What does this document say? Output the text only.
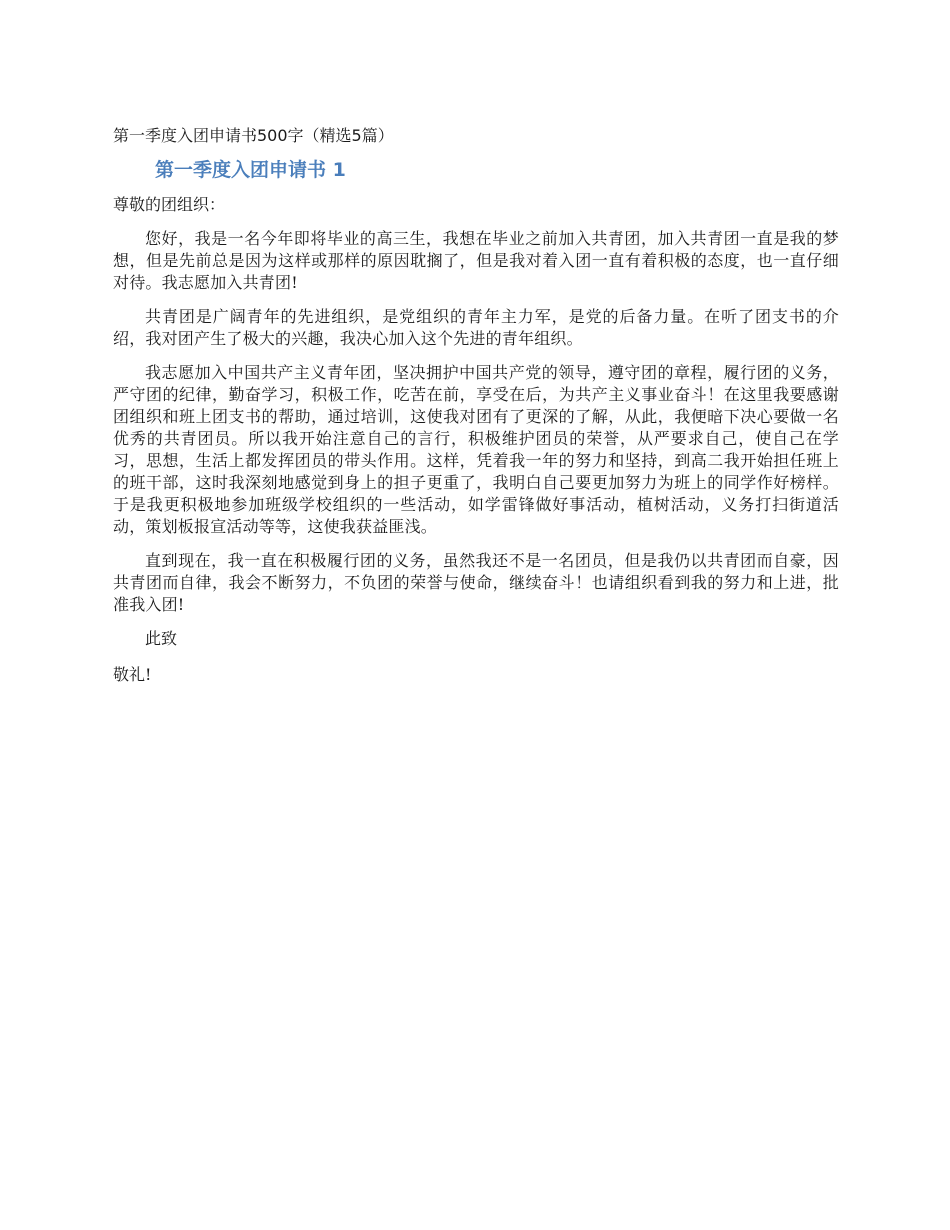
第一季度入团申请书500字（精选5篇）
第一季度入团申请书 1
尊敬的团组织：

您好，我是一名今年即将毕业的高三生，我想在毕业之前加入共青团，加入共青团一直是我的梦想，但是先前总是因为这样或那样的原因耽搁了，但是我对着入团一直有着积极的态度，也一直仔细对待。我志愿加入共青团!

共青团是广阔青年的先进组织，是党组织的青年主力军，是党的后备力量。在听了团支书的介绍，我对团产生了极大的兴趣，我决心加入这个先进的青年组织。

我志愿加入中国共产主义青年团，坚决拥护中国共产党的领导，遵守团的章程，履行团的义务，严守团的纪律，勤奋学习，积极工作，吃苦在前，享受在后，为共产主义事业奋斗！在这里我要感谢团组织和班上团支书的帮助，通过培训，这使我对团有了更深的了解，从此，我便暗下决心要做一名优秀的共青团员。所以我开始注意自己的言行，积极维护团员的荣誉，从严要求自己，使自己在学习，思想，生活上都发挥团员的带头作用。这样，凭着我一年的努力和坚持，到高二我开始担任班上的班干部，这时我深刻地感觉到身上的担子更重了，我明白自己要更加努力为班上的同学作好榜样。于是我更积极地参加班级学校组织的一些活动，如学雷锋做好事活动，植树活动，义务打扫街道活动，策划板报宣活动等等，这使我获益匪浅。

直到现在，我一直在积极履行团的义务，虽然我还不是一名团员，但是我仍以共青团而自豪，因共青团而自律，我会不断努力，不负团的荣誉与使命，继续奋斗！也请组织看到我的努力和上进，批准我入团!

此致
敬礼!
